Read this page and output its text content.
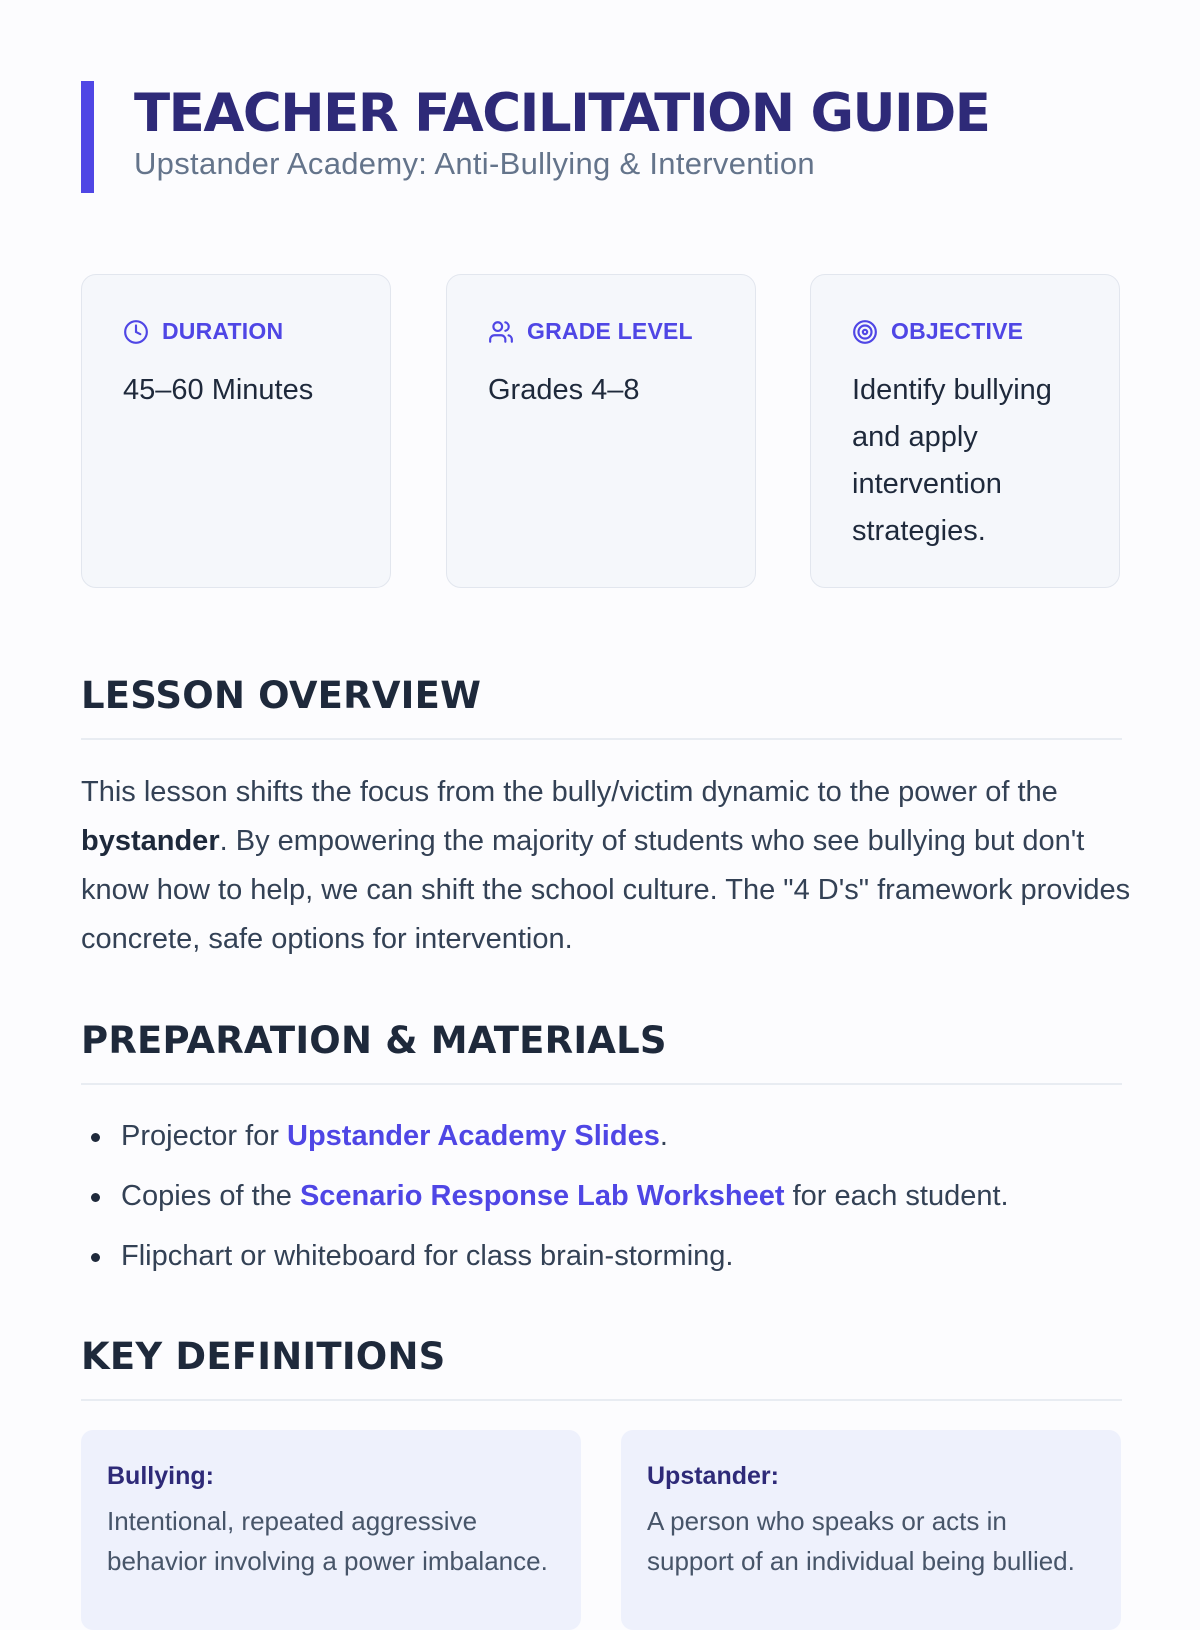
TEACHER FACILITATION GUIDE

Upstander Academy: Anti-Bullying & Intervention

DURATION
45–60 Minutes
GRADE LEVEL
Grades 4–8
OBJECTIVE
Identify bullying and apply intervention strategies.
LESSON OVERVIEW

This lesson shifts the focus from the bully/victim dynamic to the power of the bystander. By empowering the majority of students who see bullying but don't know how to help, we can shift the school culture. The "4 D's" framework provides concrete, safe options for intervention.

PREPARATION & MATERIALS
Projector for Upstander Academy Slides.
Copies of the Scenario Response Lab Worksheet for each student.
Flipchart or whiteboard for class brain-storming.
KEY DEFINITIONS

Bullying:

Intentional, repeated aggressive behavior involving a power imbalance.

Upstander:

A person who speaks or acts in support of an individual being bullied.
